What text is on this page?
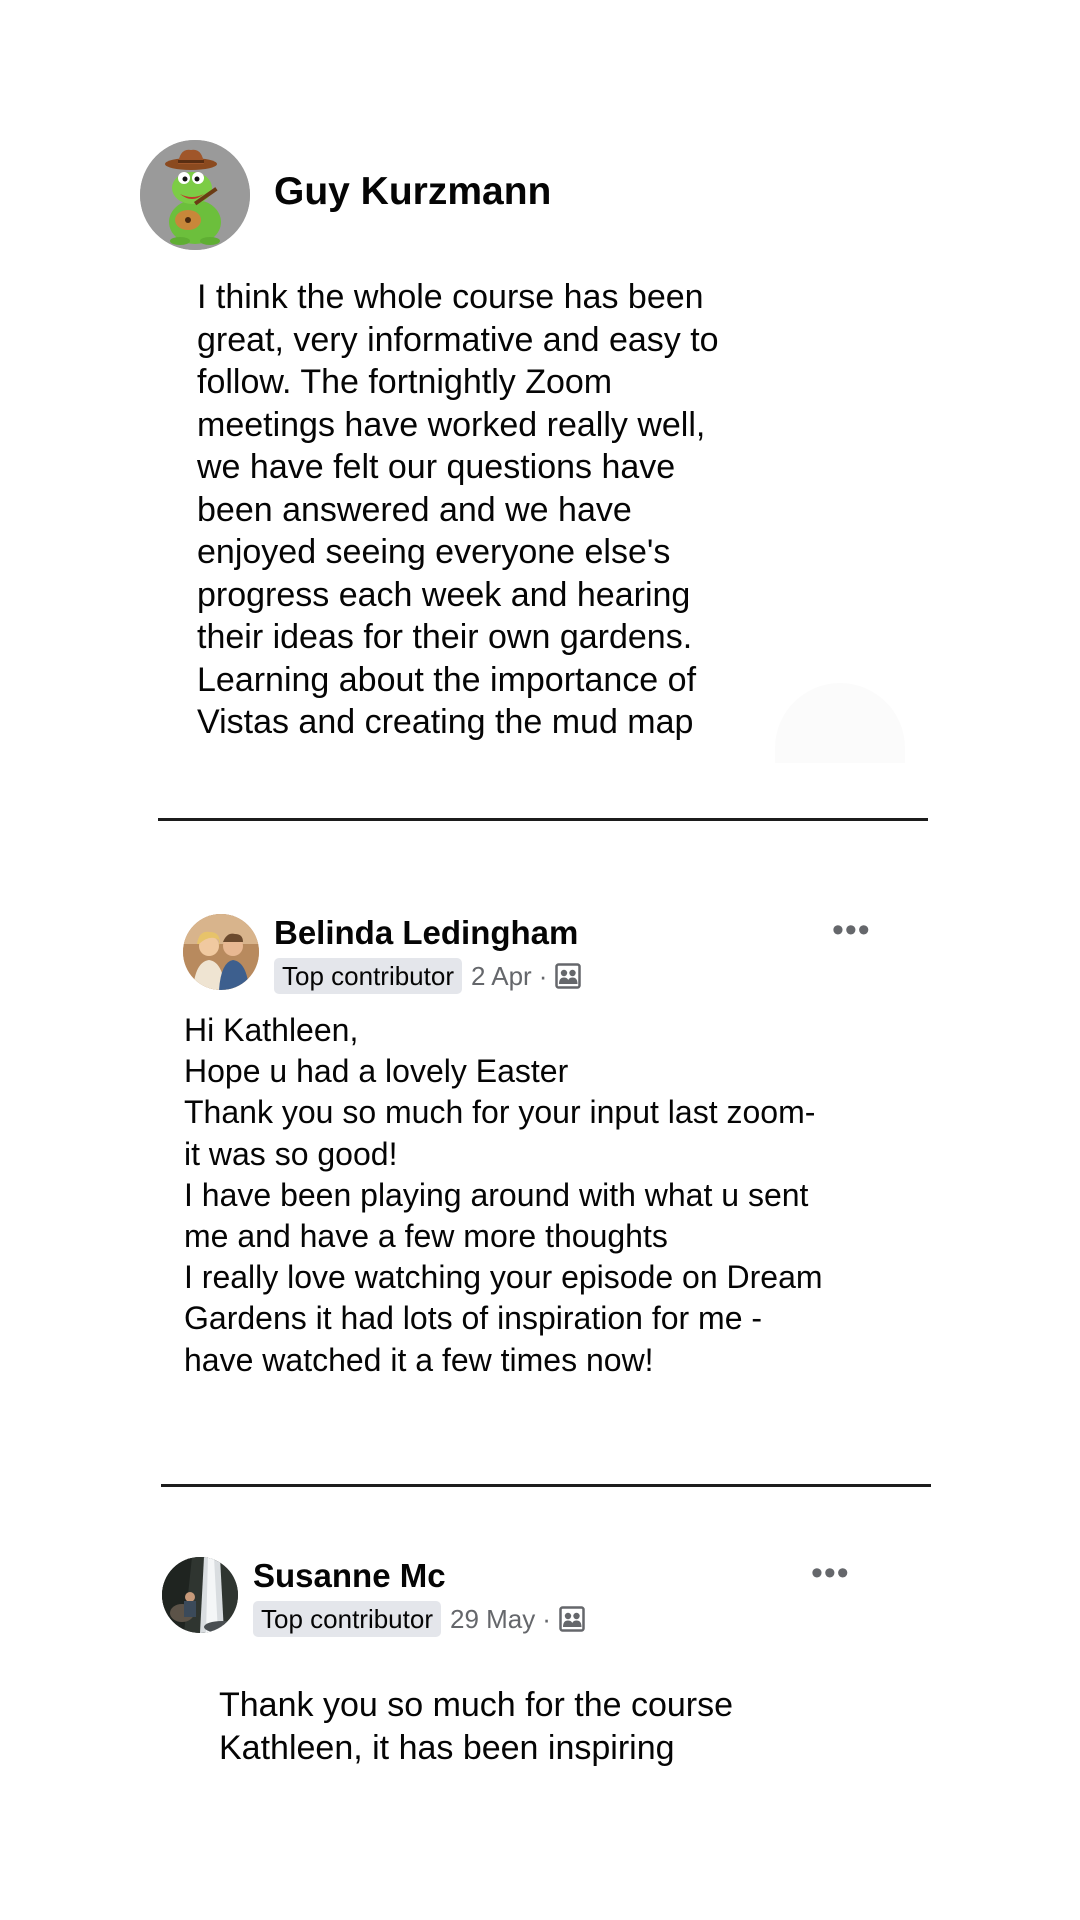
Guy Kurzmann
I think the whole course has been
great, very informative and easy to
follow. The fortnightly Zoom
meetings have worked really well,
we have felt our questions have
been answered and we have
enjoyed seeing everyone else's
progress each week and hearing
their ideas for their own gardens.
Learning about the importance of
Vistas and creating the mud map
Belinda Ledingham
Top contributor 2 Apr ·
•••
Hi Kathleen,
Hope u had a lovely Easter
Thank you so much for your input last zoom-
it was so good!
I have been playing around with what u sent
me and have a few more thoughts
I really love watching your episode on Dream
Gardens it had lots of inspiration for me -
have watched it a few times now!
Susanne Mc
Top contributor 29 May ·
•••
Thank you so much for the course
Kathleen, it has been inspiring
